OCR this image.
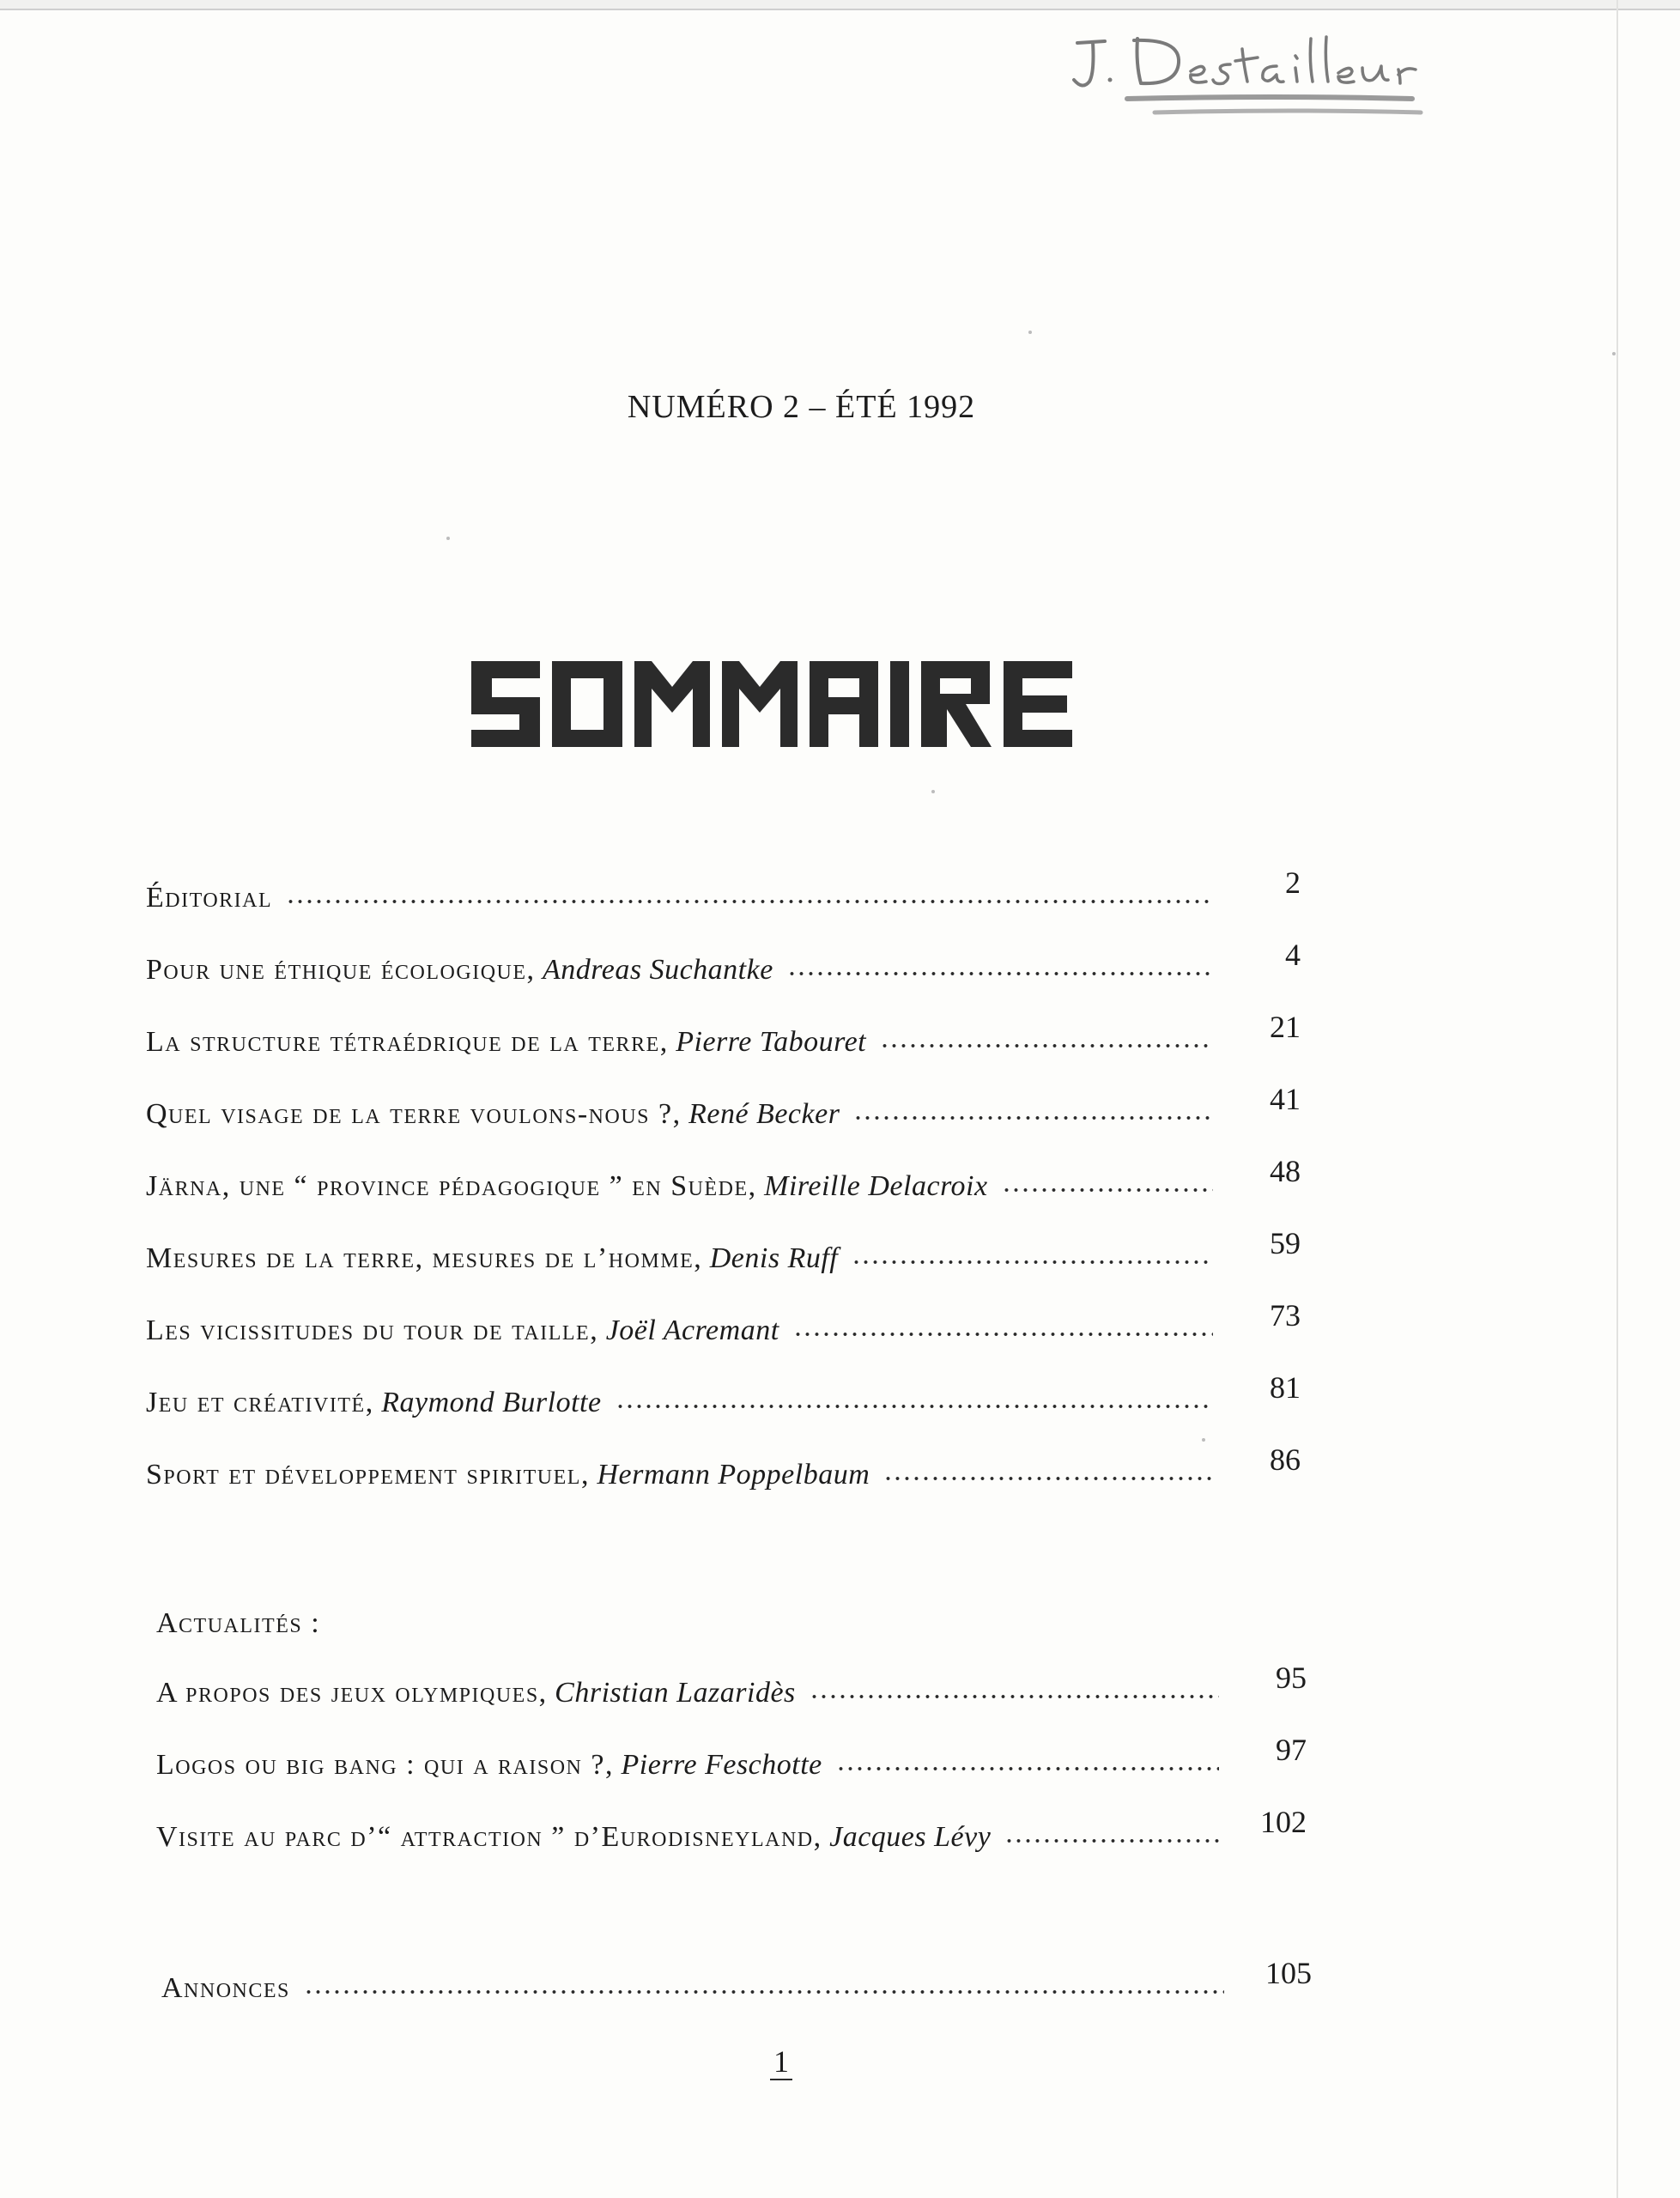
NUMÉRO 2 – ÉTÉ 1992
Éditorial	2
Pour une éthique écologique,
Andreas Suchantke	4
La structure tétraédrique de la terre,
Pierre Tabouret	21
Quel visage de la terre voulons-nous ?,
René Becker	41
Järna, une “ province pédagogique ” en Suède,
Mireille Delacroix	48
Mesures de la terre, mesures de l’homme,
Denis Ruff	59
Les vicissitudes du tour de taille,
Joël Acremant	73
Jeu et créativité,
Raymond Burlotte	81
Sport et développement spirituel,
Hermann Poppelbaum	86
Actualités :
A propos des jeux olympiques,
Christian Lazaridès	95
Logos ou big bang : qui a raison ?,
Pierre Feschotte	97
Visite au parc d’“ attraction ” d’Eurodisneyland,
Jacques Lévy	102
Annonces	105
1
